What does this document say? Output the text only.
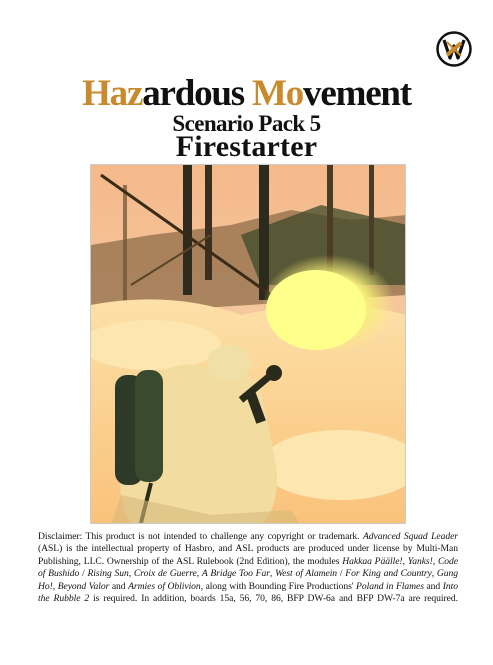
Hazardous Movement
Scenario Pack 5
Firestarter
Disclaimer: This product is not intended to challenge any copyright or trademark. Advanced Squad Leader (ASL) is the intellectual property of Hasbro, and ASL products are produced under license by Multi-Man Publishing, LLC. Ownership of the ASL Rulebook (2nd Edition), the modules Hakkaa Päälle!, Yanks!, Code of Bushido / Rising Sun, Croix de Guerre, A Bridge Too Far, West of Alamein / For King and Country, Gung Ho!, Beyond Valor and Armies of Oblivion, along with Bounding Fire Productions' Poland in Flames and Into the Rubble 2 is required. In addition, boards 15a, 56, 70, 86, BFP DW-6a and BFP DW-7a are required.
